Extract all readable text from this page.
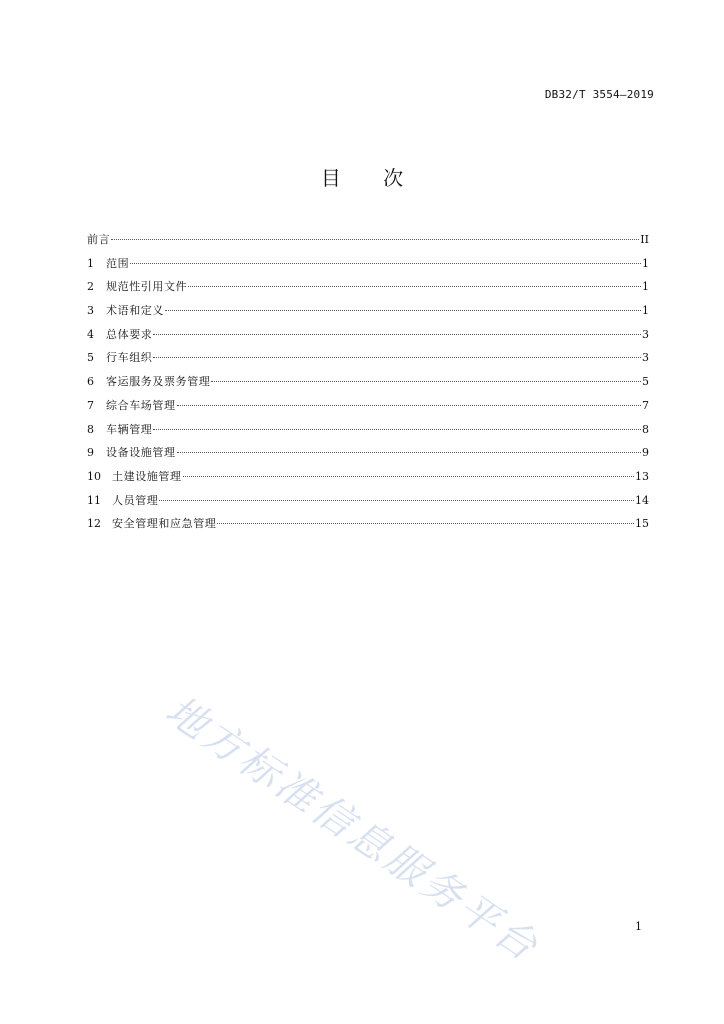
DB32/T 3554—2019
目 次
前言	II
1	范围	1
2	规范性引用文件	1
3	术语和定义	1
4	总体要求	3
5	行车组织	3
6	客运服务及票务管理	5
7	综合车场管理	7
8	车辆管理	8
9	设备设施管理	9
10	土建设施管理	13
11	人员管理	14
12	安全管理和应急管理	15
地方标准信息服务平台	1
